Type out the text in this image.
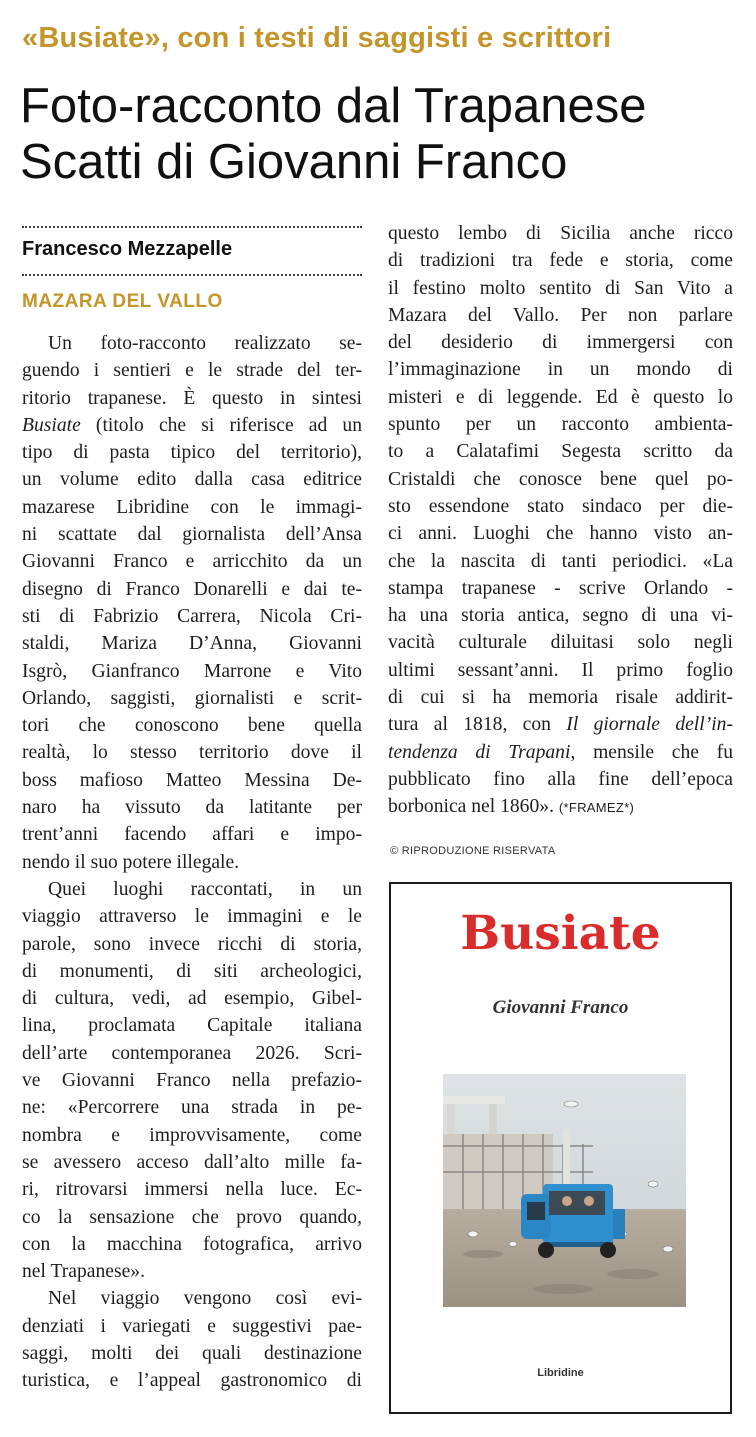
«Busiate», con i testi di saggisti e scrittori
Foto-racconto dal Trapanese
Scatti di Giovanni Franco
Francesco Mezzapelle
MAZARA DEL VALLO
Un foto-racconto realizzato se-
guendo i sentieri e le strade del ter-
ritorio trapanese. È questo in sintesi
Busiate (titolo che si riferisce ad un
tipo di pasta tipico del territorio),
un volume edito dalla casa editrice
mazarese Libridine con le immagi-
ni scattate dal giornalista dell’Ansa
Giovanni Franco e arricchito da un
disegno di Franco Donarelli e dai te-
sti di Fabrizio Carrera, Nicola Cri-
staldi, Mariza D’Anna, Giovanni
Isgrò, Gianfranco Marrone e Vito
Orlando, saggisti, giornalisti e scrit-
tori che conoscono bene quella
realtà, lo stesso territorio dove il
boss mafioso Matteo Messina De-
naro ha vissuto da latitante per
trent’anni facendo affari e impo-
nendo il suo potere illegale.
Quei luoghi raccontati, in un
viaggio attraverso le immagini e le
parole, sono invece ricchi di storia,
di monumenti, di siti archeologici,
di cultura, vedi, ad esempio, Gibel-
lina, proclamata Capitale italiana
dell’arte contemporanea 2026. Scri-
ve Giovanni Franco nella prefazio-
ne: «Percorrere una strada in pe-
nombra e improvvisamente, come
se avessero acceso dall’alto mille fa-
ri, ritrovarsi immersi nella luce. Ec-
co la sensazione che provo quando,
con la macchina fotografica, arrivo
nel Trapanese».
Nel viaggio vengono così evi-
denziati i variegati e suggestivi pae-
saggi, molti dei quali destinazione
turistica, e l’appeal gastronomico di
questo lembo di Sicilia anche ricco
di tradizioni tra fede e storia, come
il festino molto sentito di San Vito a
Mazara del Vallo. Per non parlare
del desiderio di immergersi con
l’immaginazione in un mondo di
misteri e di leggende. Ed è questo lo
spunto per un racconto ambienta-
to a Calatafimi Segesta scritto da
Cristaldi che conosce bene quel po-
sto essendone stato sindaco per die-
ci anni. Luoghi che hanno visto an-
che la nascita di tanti periodici. «La
stampa trapanese - scrive Orlando -
ha una storia antica, segno di una vi-
vacità culturale diluitasi solo negli
ultimi sessant’anni. Il primo foglio
di cui si ha memoria risale addirit-
tura al 1818, con Il giornale dell’in-
tendenza di Trapani, mensile che fu
pubblicato fino alla fine dell’epoca
borbonica nel 1860». (*FRAMEZ*)
© RIPRODUZIONE RISERVATA
Busiate
Giovanni Franco
Libridine
